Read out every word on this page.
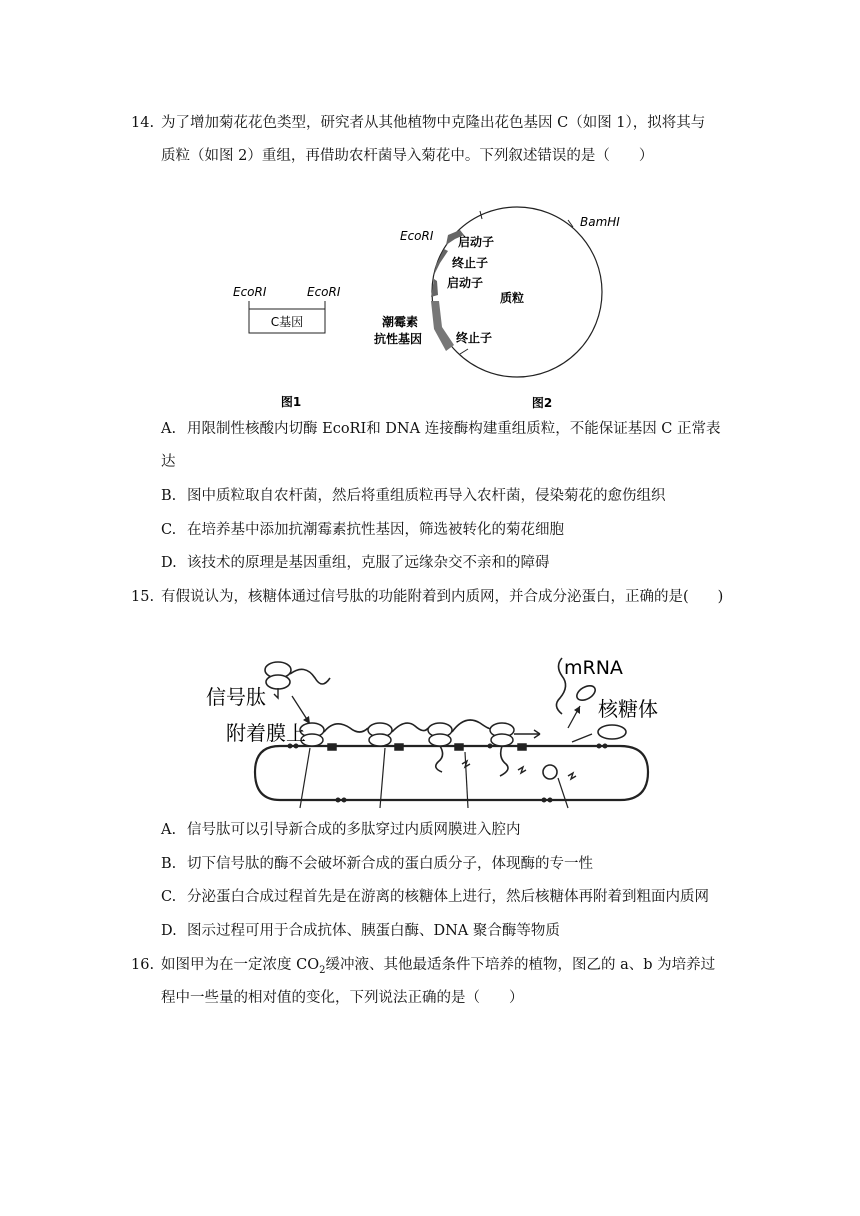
14. 为了增加菊花花色类型，研究者从其他植物中克隆出花色基因 C（如图 1），拟将其与
质粒（如图 2）重组，再借助农杆菌导入菊花中。下列叙述错误的是（　　）
EcoRⅠ	EcoRⅠ
C基因
图1
EcoRⅠ
BamHⅠ
启动子
终止子
启动子
质粒
潮霉素
抗性基因	终止子
图2
A. 用限制性核酸内切酶 EcoRI和 DNA 连接酶构建重组质粒，不能保证基因 C 正常表
达
B. 图中质粒取自农杆菌，然后将重组质粒再导入农杆菌，侵染菊花的愈伤组织
C. 在培养基中添加抗潮霉素抗性基因，筛选被转化的菊花细胞
D. 该技术的原理是基因重组，克服了远缘杂交不亲和的障碍
15. 有假说认为，核糖体通过信号肽的功能附着到内质网，并合成分泌蛋白，正确的是(　　)
信号肽
附着膜上
mRNA
核糖体
A. 信号肽可以引导新合成的多肽穿过内质网膜进入腔内
B. 切下信号肽的酶不会破坏新合成的蛋白质分子，体现酶的专一性
C. 分泌蛋白合成过程首先是在游离的核糖体上进行，然后核糖体再附着到粗面内质网
D. 图示过程可用于合成抗体、胰蛋白酶、DNA 聚合酶等物质
16. 如图甲为在一定浓度 $CO_2$缓冲液、其他最适条件下培养的植物，图乙的 a、b 为培养过
程中一些量的相对值的变化，下列说法正确的是（　　）
